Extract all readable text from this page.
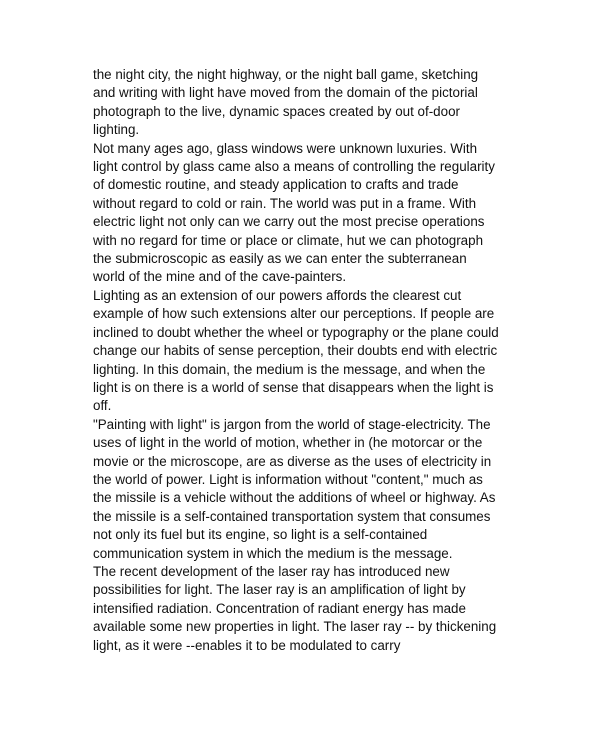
the night city, the night highway, or the night ball game, sketching
and writing with light have moved from the domain of the pictorial
photograph to the live, dynamic spaces created by out of-door
lighting.

Not many ages ago, glass windows were unknown luxuries. With
light control by glass came also a means of controlling the regularity
of domestic routine, and steady application to crafts and trade
without regard to cold or rain. The world was put in a frame. With
electric light not only can we carry out the most precise operations
with no regard for time or place or climate, hut we can photograph
the submicroscopic as easily as we can enter the subterranean
world of the mine and of the cave-painters.

Lighting as an extension of our powers affords the clearest cut
example of how such extensions alter our perceptions. If people are
inclined to doubt whether the wheel or typography or the plane could
change our habits of sense perception, their doubts end with electric
lighting. In this domain, the medium is the message, and when the
light is on there is a world of sense that disappears when the light is
off.

"Painting with light" is jargon from the world of stage-electricity. The
uses of light in the world of motion, whether in (he motorcar or the
movie or the microscope, are as diverse as the uses of electricity in
the world of power. Light is information without "content," much as
the missile is a vehicle without the additions of wheel or highway. As
the missile is a self-contained transportation system that consumes
not only its fuel but its engine, so light is a self-contained
communication system in which the medium is the message.

The recent development of the laser ray has introduced new
possibilities for light. The laser ray is an amplification of light by
intensified radiation. Concentration of radiant energy has made
available some new properties in light. The laser ray -- by thickening
light, as it were --enables it to be modulated to carry
